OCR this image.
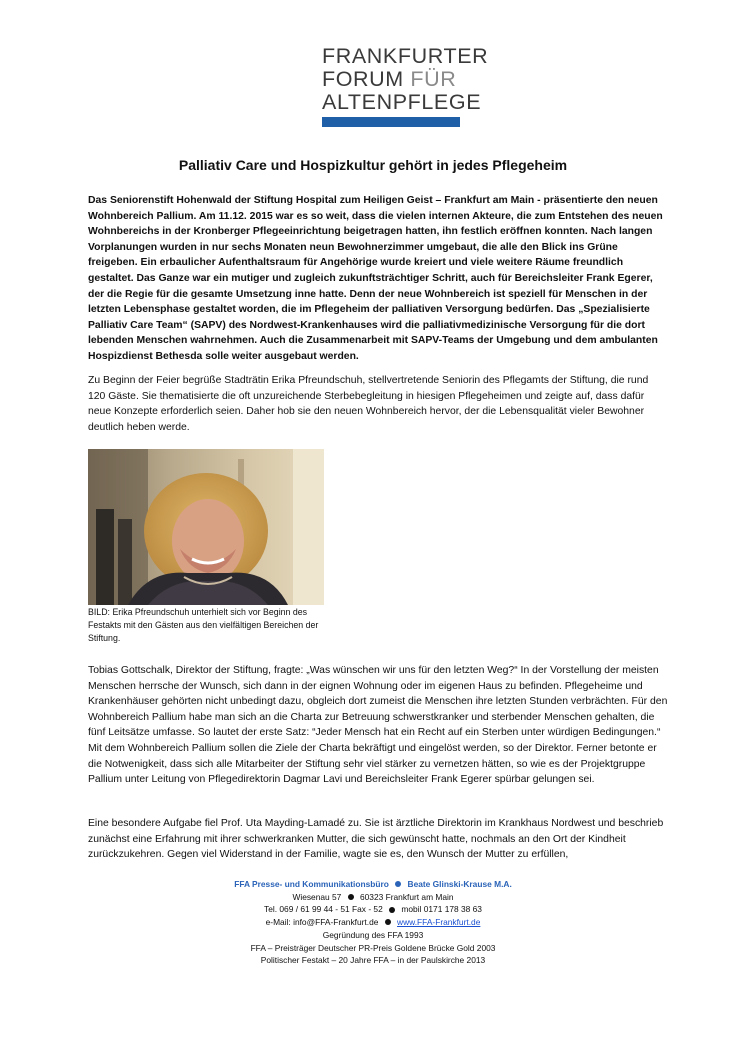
FRANKFURTER
FORUM FÜR
ALTENPFLEGE
Palliativ Care und Hospizkultur gehört in jedes Pflegeheim

Das Seniorenstift Hohenwald der Stiftung Hospital zum Heiligen Geist – Frankfurt am Main - präsentierte den neuen Wohnbereich Pallium. Am 11.12. 2015 war es so weit, dass die vielen internen Akteure, die zum Entstehen des neuen Wohnbereichs in der Kronberger Pflegeeinrichtung beigetragen hatten, ihn festlich eröffnen konnten. Nach langen Vorplanungen wurden in nur sechs Monaten neun Bewohnerzimmer umgebaut, die alle den Blick ins Grüne freigeben. Ein erbaulicher Aufenthaltsraum für Angehörige wurde kreiert und viele weitere Räume freundlich gestaltet. Das Ganze war ein mutiger und zugleich zukunftsträchtiger Schritt, auch für Bereichsleiter Frank Egerer, der die Regie für die gesamte Umsetzung inne hatte. Denn der neue Wohnbereich ist speziell für Menschen in der letzten Lebensphase gestaltet worden, die im Pflegeheim der palliativen Versorgung bedürfen. Das „Spezialisierte Palliativ Care Team“ (SAPV) des Nordwest-Krankenhauses wird die palliativmedizinische Versorgung für die dort lebenden Menschen wahrnehmen. Auch die Zusammenarbeit mit SAPV-Teams der Umgebung und dem ambulanten Hospizdienst Bethesda solle weiter ausgebaut werden.

Zu Beginn der Feier begrüße Stadträtin Erika Pfreundschuh, stellvertretende Seniorin des Pflegamts der Stiftung, die rund 120 Gäste. Sie thematisierte die oft unzureichende Sterbebegleitung in hiesigen Pflegeheimen und zeigte auf, dass dafür neue Konzepte erforderlich seien. Daher hob sie den neuen Wohnbereich hervor, der die Lebensqualität vieler Bewohner deutlich heben werde.

BILD: Erika Pfreundschuh unterhielt sich vor Beginn des Festakts mit den Gästen aus den vielfältigen Bereichen der Stiftung.

Tobias Gottschalk, Direktor der Stiftung, fragte: „Was wünschen wir uns für den letzten Weg?“ In der Vorstellung der meisten Menschen herrsche der Wunsch, sich dann in der eignen Wohnung oder im eigenen Haus zu befinden. Pflegeheime und Krankenhäuser gehörten nicht unbedingt dazu, obgleich dort zumeist die Menschen ihre letzten Stunden verbrächten. Für den Wohnbereich Pallium habe man sich an die Charta zur Betreuung schwerstkranker und sterbender Menschen gehalten, die fünf Leitsätze umfasse. So lautet der erste Satz: “Jeder Mensch hat ein Recht auf ein Sterben unter würdigen Bedingungen.“ Mit dem Wohnbereich Pallium sollen die Ziele der Charta bekräftigt und eingelöst werden, so der Direktor. Ferner betonte er die Notwenigkeit, dass sich alle Mitarbeiter der Stiftung sehr viel stärker zu vernetzen hätten, so wie es der Projektgruppe Pallium unter Leitung von Pflegedirektorin Dagmar Lavi und Bereichsleiter Frank Egerer spürbar gelungen sei.

Eine besondere Aufgabe fiel Prof. Uta Mayding-Lamadé zu. Sie ist ärztliche Direktorin im Krankhaus Nordwest und beschrieb zunächst eine Erfahrung mit ihrer schwerkranken Mutter, die sich gewünscht hatte, nochmals an den Ort der Kindheit zurückzukehren. Gegen viel Widerstand in der Familie, wagte sie es, den Wunsch der Mutter zu erfüllen,

FFA Presse- und Kommunikationsbüro Beate Glinski-Krause M.A.
Wiesenau 57 60323 Frankfurt am Main
Tel. 069 / 61 99 44 - 51 Fax - 52 mobil 0171 178 38 63
e-Mail: info@FFA-Frankfurt.de www.FFA-Frankfurt.de
Gegründung des FFA 1993
FFA – Preisträger Deutscher PR-Preis Goldene Brücke Gold 2003
Politischer Festakt – 20 Jahre FFA – in der Paulskirche 2013
